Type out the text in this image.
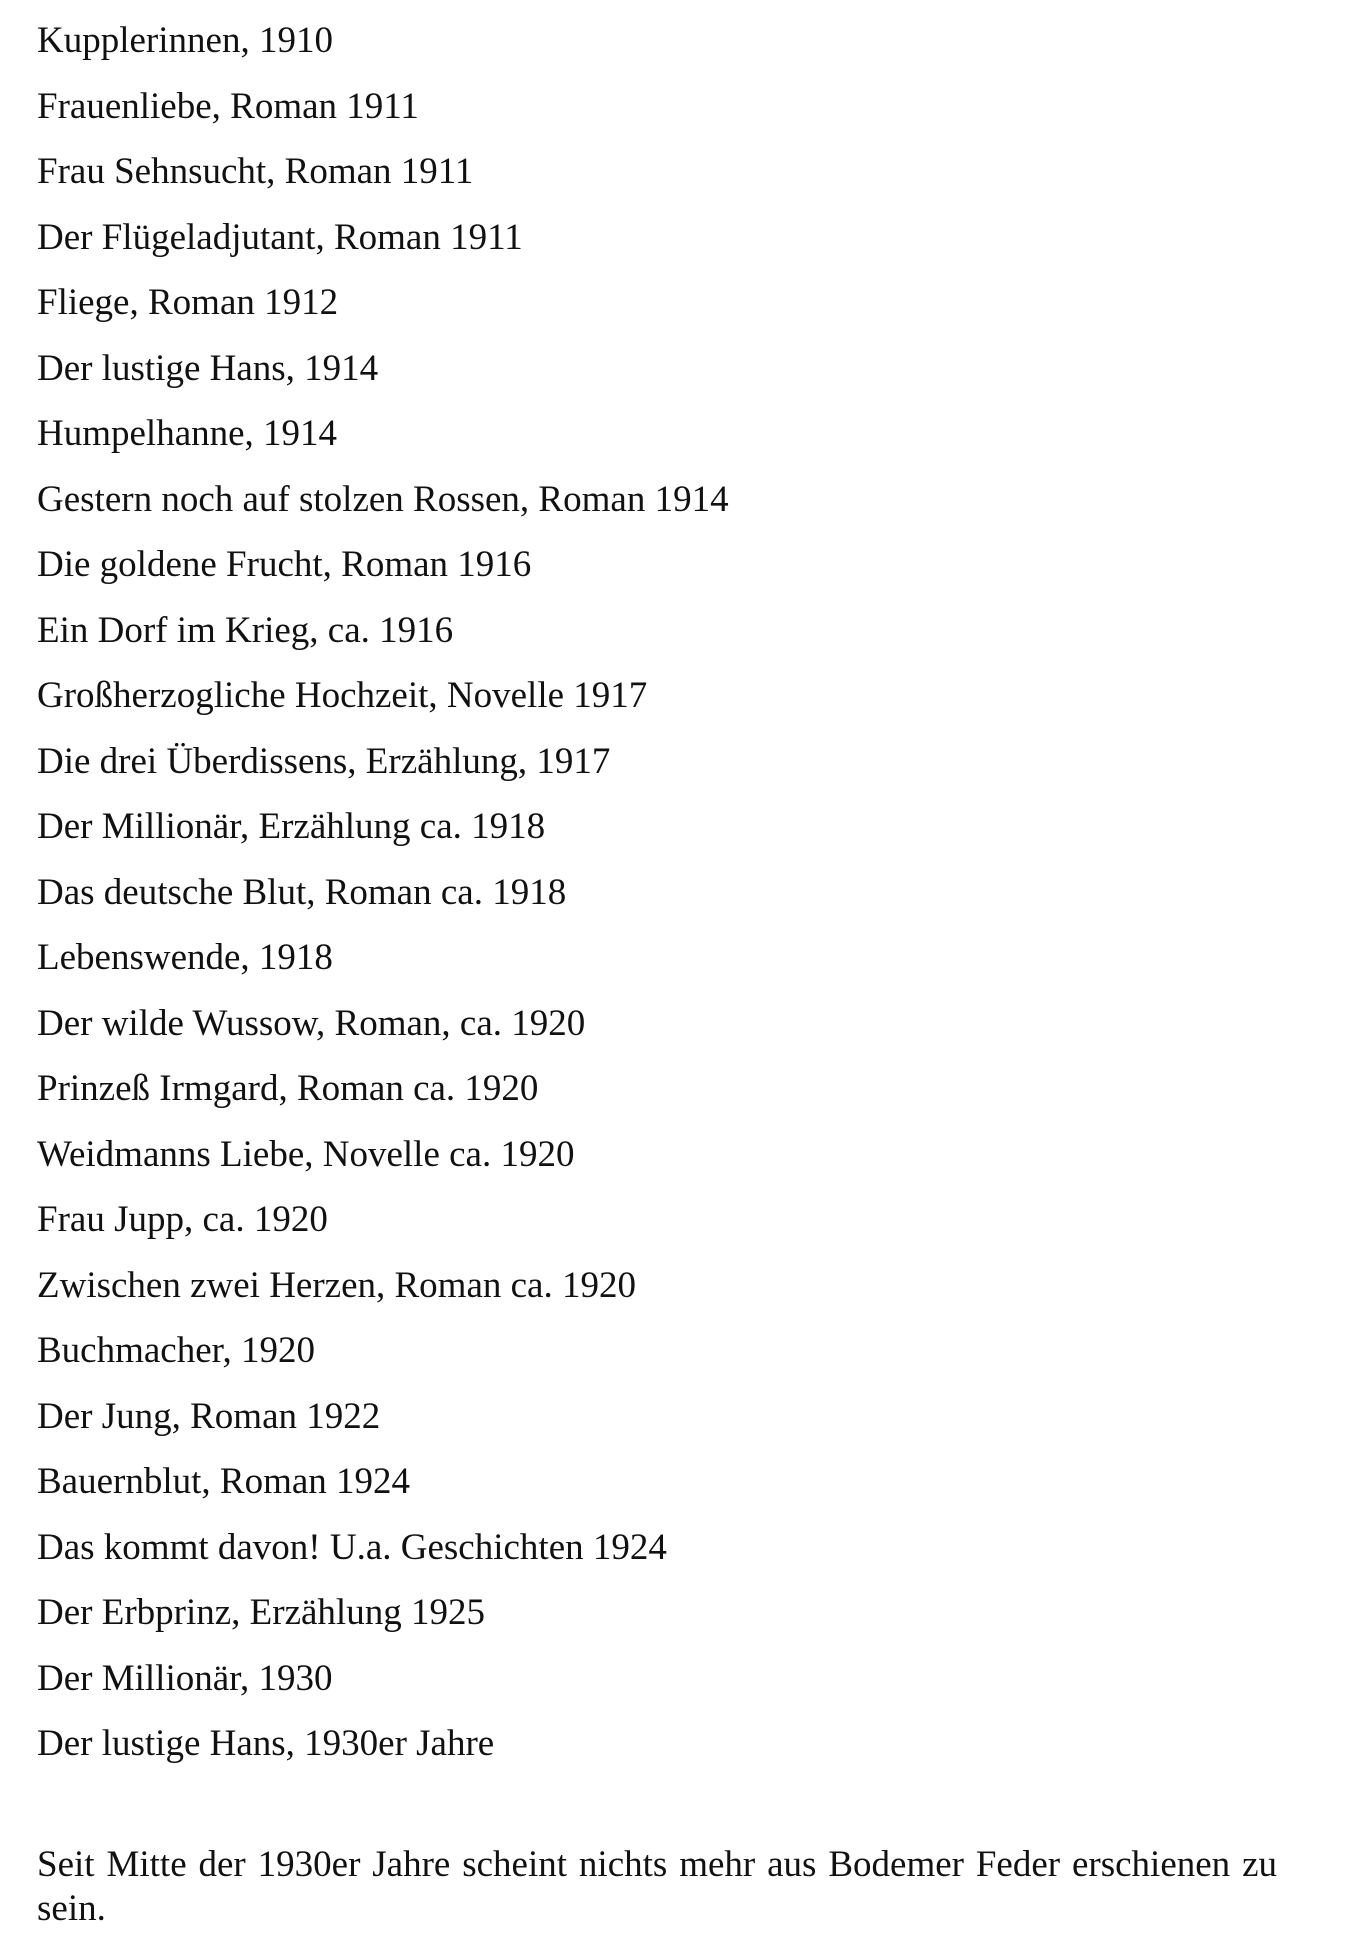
Kupplerinnen, 1910
Frauenliebe, Roman 1911
Frau Sehnsucht, Roman 1911
Der Flügeladjutant, Roman 1911
Fliege, Roman 1912
Der lustige Hans, 1914
Humpelhanne, 1914
Gestern noch auf stolzen Rossen, Roman 1914
Die goldene Frucht, Roman 1916
Ein Dorf im Krieg, ca. 1916
Großherzogliche Hochzeit, Novelle 1917
Die drei Überdissens, Erzählung, 1917
Der Millionär, Erzählung ca. 1918
Das deutsche Blut, Roman ca. 1918
Lebenswende, 1918
Der wilde Wussow, Roman, ca. 1920
Prinzeß Irmgard, Roman ca. 1920
Weidmanns Liebe, Novelle ca. 1920
Frau Jupp, ca. 1920
Zwischen zwei Herzen, Roman ca. 1920
Buchmacher, 1920
Der Jung, Roman 1922
Bauernblut, Roman 1924
Das kommt davon! U.a. Geschichten 1924
Der Erbprinz, Erzählung 1925
Der Millionär, 1930
Der lustige Hans, 1930er Jahre

Seit Mitte der 1930er Jahre scheint nichts mehr aus Bodemer Feder erschienen zu sein.
